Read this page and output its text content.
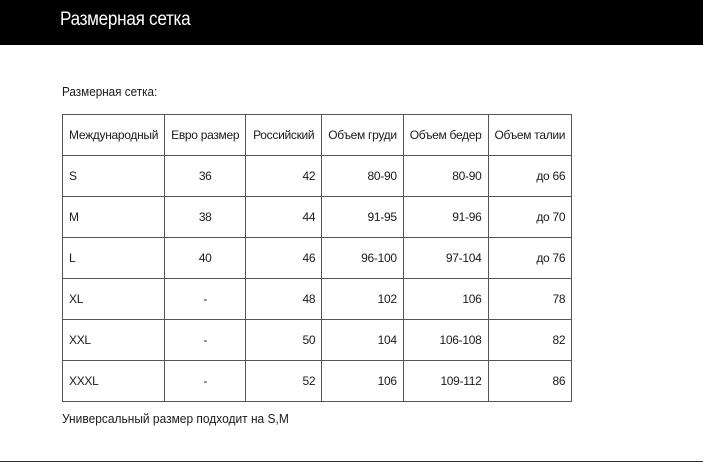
Размерная сетка
Размерная сетка:
Международный	Евро размер	Российский	Объем груди	Объем бедер	Объем талии
S	36	42	80-90	80-90	до 66
M	38	44	91-95	91-96	до 70
L	40	46	96-100	97-104	до 76
XL	-	48	102	106	78
XXL	-	50	104	106-108	82
XXXL	-	52	106	109-112	86
Универсальный размер подходит на S,M
